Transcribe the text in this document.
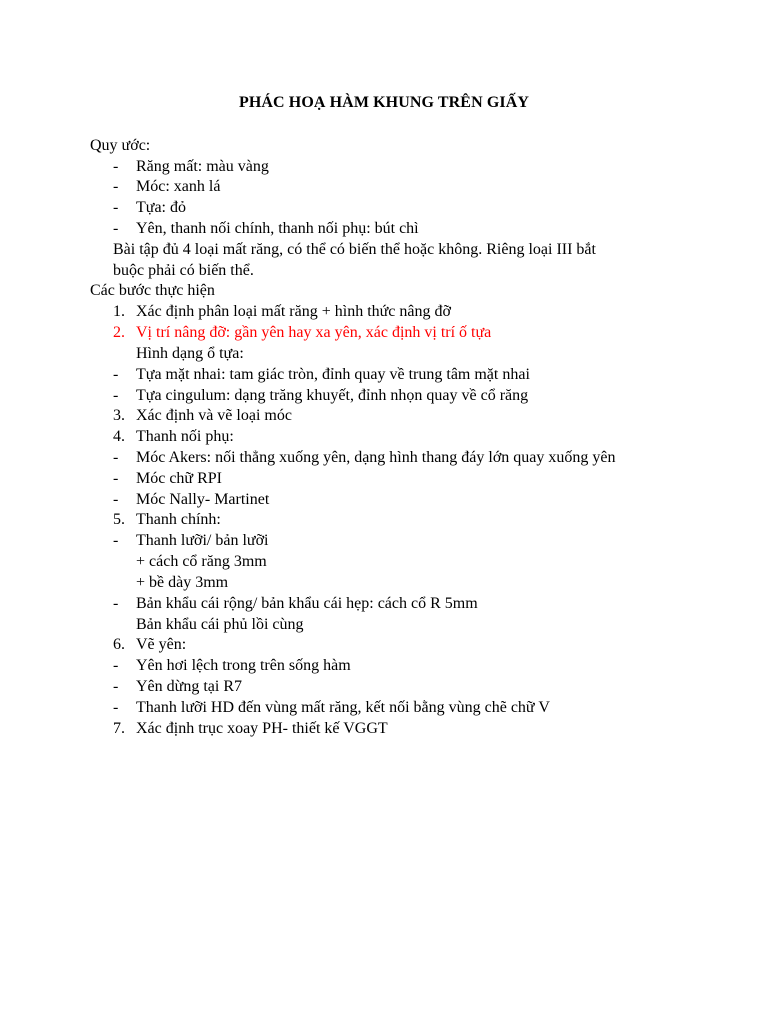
PHÁC HOẠ HÀM KHUNG TRÊN GIẤY
Quy ước:
- Răng mất: màu vàng
- Móc: xanh lá
- Tựa: đỏ
- Yên, thanh nối chính, thanh nối phụ: bút chì
Bài tập đủ 4 loại mất răng, có thể có biến thể hoặc không. Riêng loại III bắt
buộc phải có biến thể.
Các bước thực hiện
1. Xác định phân loại mất răng + hình thức nâng đỡ
2. Vị trí nâng đỡ: gần yên hay xa yên, xác định vị trí ố tựa
Hình dạng ổ tựa:
- Tựa mặt nhai: tam giác tròn, đỉnh quay về trung tâm mặt nhai
- Tựa cingulum: dạng trăng khuyết, đỉnh nhọn quay về cổ răng
3. Xác định và vẽ loại móc
4. Thanh nối phụ:
- Móc Akers: nối thẳng xuống yên, dạng hình thang đáy lớn quay xuống yên
- Móc chữ RPI
- Móc Nally- Martinet
5. Thanh chính:
- Thanh lưỡi/ bản lưỡi
+ cách cổ răng 3mm
+ bề dày 3mm
- Bản khẩu cái rộng/ bản khẩu cái hẹp: cách cổ R 5mm
Bản khẩu cái phủ lồi cùng
6. Vẽ yên:
- Yên hơi lệch trong trên sống hàm
- Yên dừng tại R7
- Thanh lưỡi HD đến vùng mất răng, kết nối bằng vùng chẽ chữ V
7. Xác định trục xoay PH- thiết kế VGGT
